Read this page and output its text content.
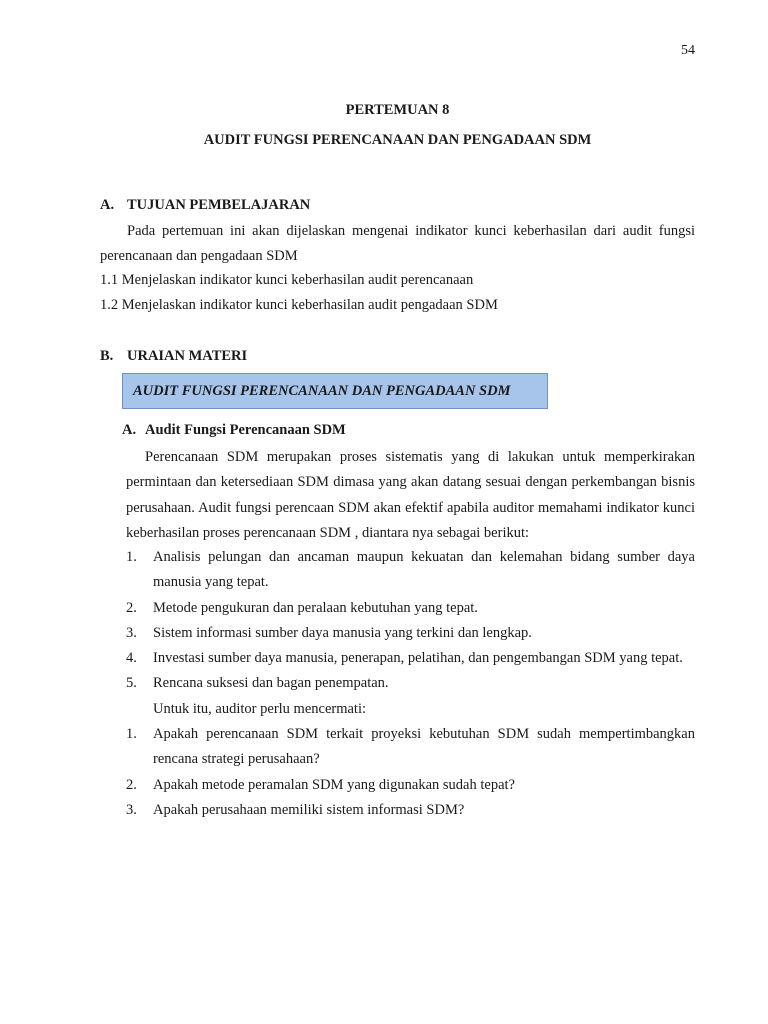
54
PERTEMUAN 8
AUDIT FUNGSI PERENCANAAN DAN PENGADAAN SDM
A. TUJUAN PEMBELAJARAN
Pada pertemuan ini akan dijelaskan mengenai indikator kunci keberhasilan dari audit fungsi perencanaan dan pengadaan SDM
1.1 Menjelaskan indikator kunci keberhasilan audit perencanaan
1.2 Menjelaskan indikator kunci keberhasilan audit pengadaan SDM
B. URAIAN MATERI
AUDIT FUNGSI PERENCANAAN DAN PENGADAAN SDM
A. Audit Fungsi Perencanaan SDM
Perencanaan SDM merupakan proses sistematis yang di lakukan untuk memperkirakan permintaan dan ketersediaan SDM dimasa yang akan datang sesuai dengan perkembangan bisnis perusahaan. Audit fungsi perencaan SDM akan efektif apabila auditor memahami indikator kunci keberhasilan proses perencanaan SDM , diantara nya sebagai berikut:
1.	Analisis pelungan dan ancaman maupun kekuatan dan kelemahan bidang sumber daya manusia yang tepat.
2.	Metode pengukuran dan peralaan kebutuhan yang tepat.
3.	Sistem informasi sumber daya manusia yang terkini dan lengkap.
4.	Investasi sumber daya manusia, penerapan, pelatihan, dan pengembangan SDM yang tepat.
5.	Rencana suksesi dan bagan penempatan.
Untuk itu, auditor perlu mencermati:
1.	Apakah perencanaan SDM terkait proyeksi kebutuhan SDM sudah mempertimbangkan rencana strategi perusahaan?
2.	Apakah metode peramalan SDM yang digunakan sudah tepat?
3.	Apakah perusahaan memiliki sistem informasi SDM?
